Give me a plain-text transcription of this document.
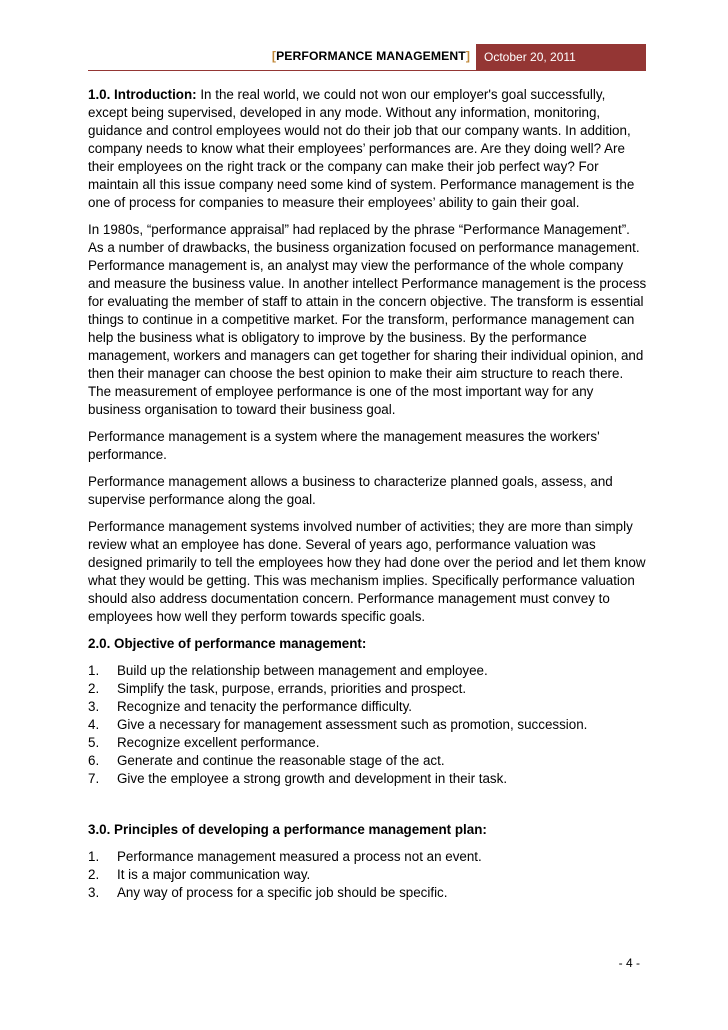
[PERFORMANCE MANAGEMENT]	October 20, 2011

1.0. Introduction: In the real world, we could not won our employer's goal successfully, except being supervised, developed in any mode. Without any information, monitoring, guidance and control employees would not do their job that our company wants. In addition, company needs to know what their employees’ performances are. Are they doing well? Are their employees on the right track or the company can make their job perfect way? For maintain all this issue company need some kind of system. Performance management is the one of process for companies to measure their employees’ ability to gain their goal.

In 1980s, “performance appraisal” had replaced by the phrase “Performance Management”. As a number of drawbacks, the business organization focused on performance management. Performance management is, an analyst may view the performance of the whole company and measure the business value. In another intellect Performance management is the process for evaluating the member of staff to attain in the concern objective. The transform is essential things to continue in a competitive market. For the transform, performance management can help the business what is obligatory to improve by the business. By the performance management, workers and managers can get together for sharing their individual opinion, and then their manager can choose the best opinion to make their aim structure to reach there. The measurement of employee performance is one of the most important way for any business organisation to toward their business goal.

Performance management is a system where the management measures the workers' performance.

Performance management allows a business to characterize planned goals, assess, and supervise performance along the goal.

Performance management systems involved number of activities; they are more than simply review what an employee has done. Several of years ago, performance valuation was designed primarily to tell the employees how they had done over the period and let them know what they would be getting. This was mechanism implies. Specifically performance valuation should also address documentation concern. Performance management must convey to employees how well they perform towards specific goals.

2.0. Objective of performance management:
1.	Build up the relationship between management and employee.
2.	Simplify the task, purpose, errands, priorities and prospect.
3.	Recognize and tenacity the performance difficulty.
4.	Give a necessary for management assessment such as promotion, succession.
5.	Recognize excellent performance.
6.	Generate and continue the reasonable stage of the act.
7.	Give the employee a strong growth and development in their task.
3.0. Principles of developing a performance management plan:
1.	Performance management measured a process not an event.
2.	It is a major communication way.
3.	Any way of process for a specific job should be specific.
- 4 -
